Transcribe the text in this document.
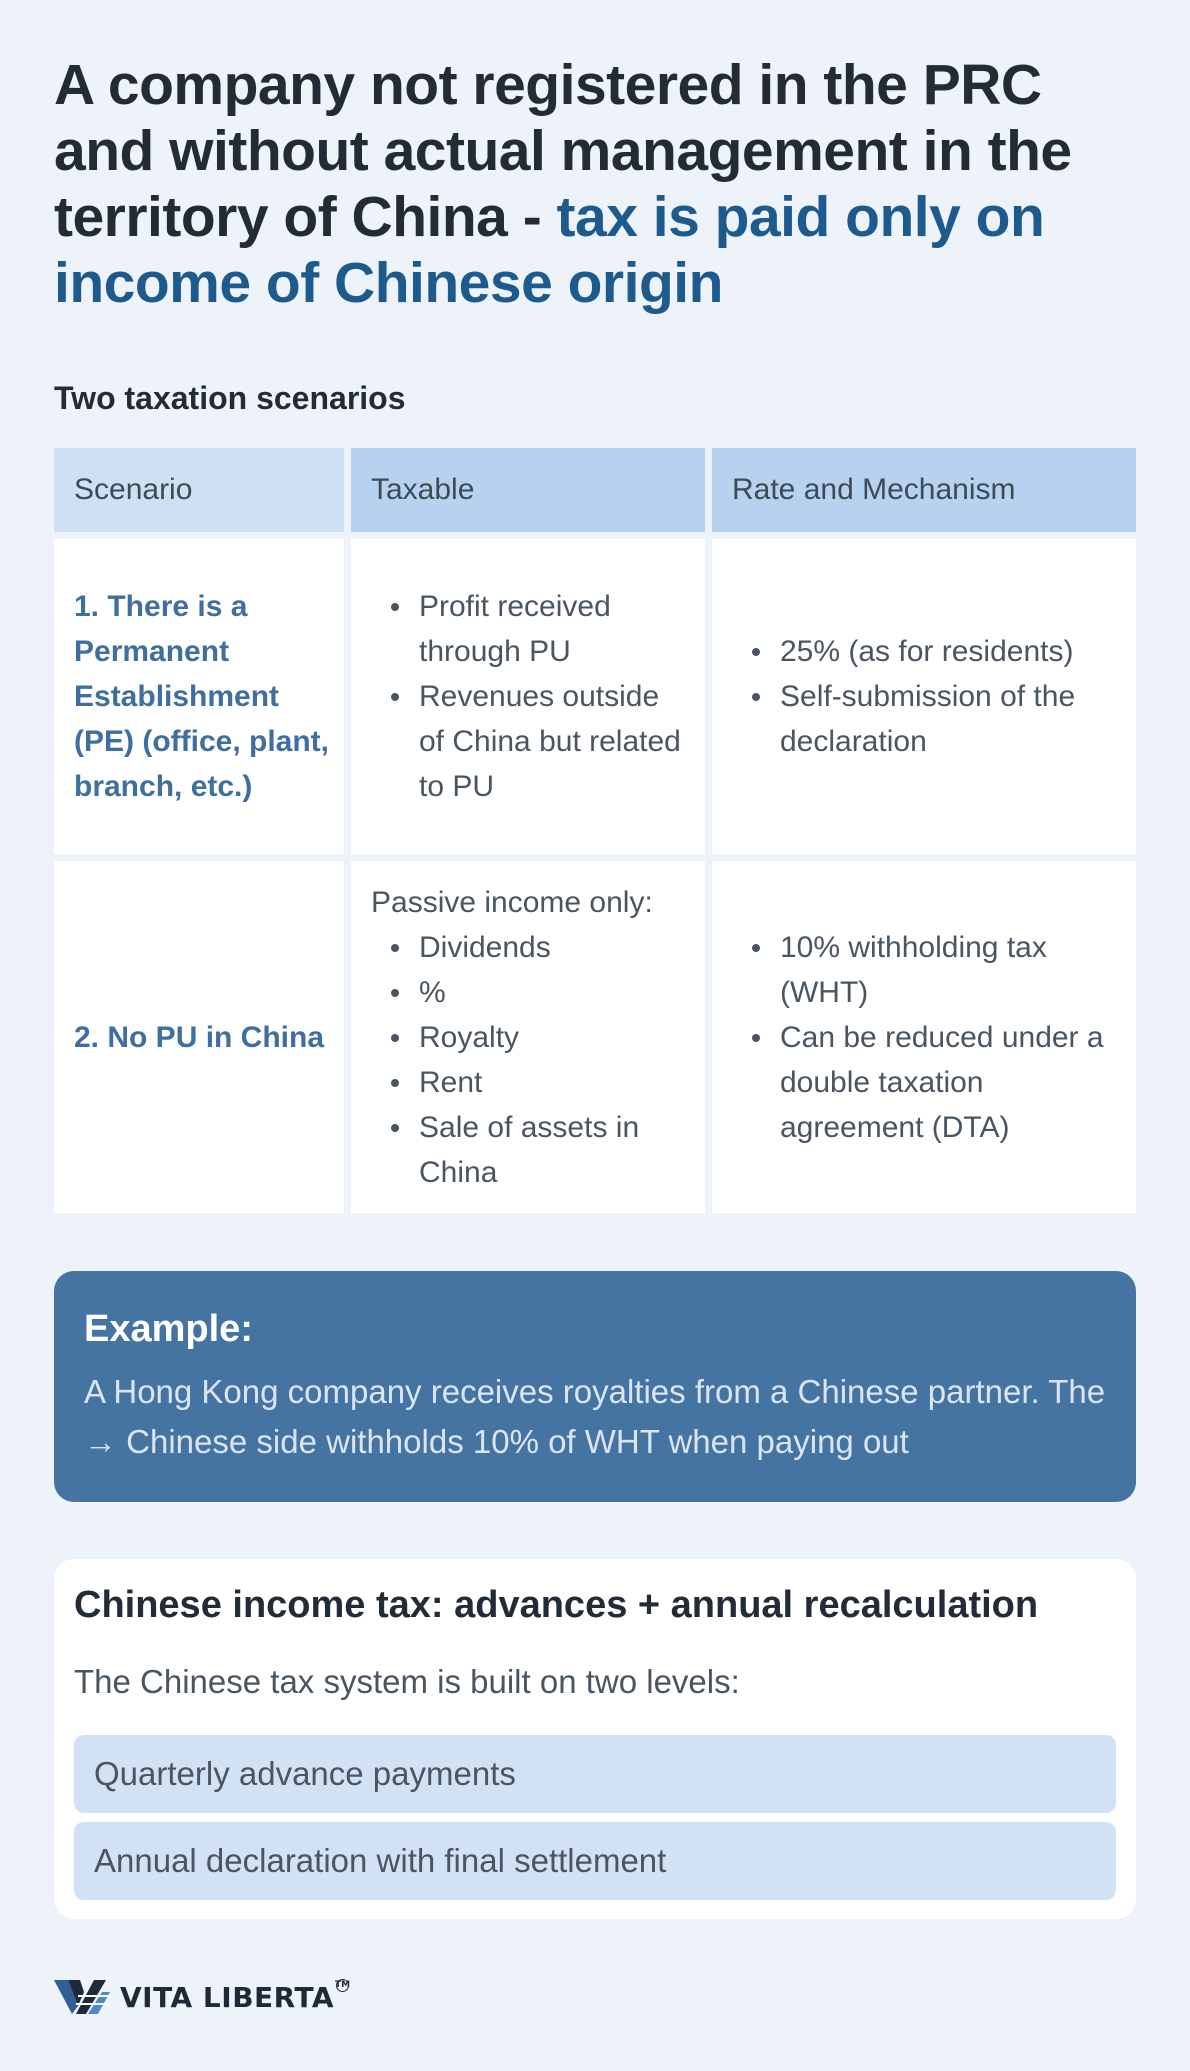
A company not registered in the PRC and without actual management in the territory of China - tax is paid only on income of Chinese origin
Two taxation scenarios
Scenario	Taxable	Rate and Mechanism
1. There is a Permanent Establishment (PE) (office, plant, branch, etc.)
Profit received through PU
Revenues outside of China but related to PU
25% (as for residents)
Self-submission of the declaration
2. No PU in China
Passive income only:
Dividends
%
Royalty
Rent
Sale of assets in China
10% withholding tax (WHT)
Can be reduced under a double taxation agreement (DTA)
Example:
A Hong Kong company receives royalties from a Chinese partner. The → Chinese side withholds 10% of WHT when paying out
Chinese income tax: advances + annual recalculation
The Chinese tax system is built on two levels:
Quarterly advance payments
Annual declaration with final settlement
VITA LIBERTA TM
